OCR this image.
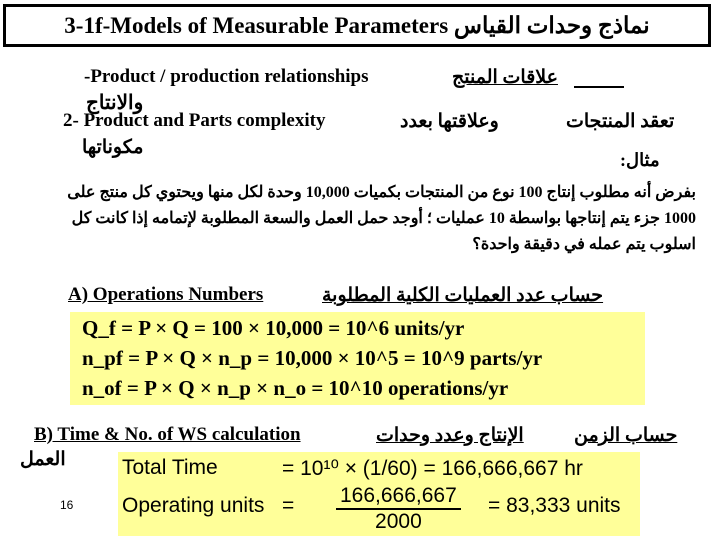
3-1f-Models of Measurable Parameters نماذج وحدات القياس
-Product / production relationships	علاقات المنتج
والانتاج
2- Product and Parts complexity	وعلاقتها بعدد	تعقد المنتجات
مكوناتها
مثال:
بفرض أنه مطلوب إنتاج 100 نوع من المنتجات بكميات 10,000 وحدة لكل منها ويحتوي كل منتج على
1000 جزء يتم إنتاجها بواسطة 10 عمليات ؛ أوجد حمل العمل والسعة المطلوبة لإتمامه إذا كانت كل
اسلوب يتم عمله في دقيقة واحدة؟
A) Operations Numbers	حساب عدد العمليات الكلية المطلوبة
Q_f = P × Q = 100 × 10,000 = 10^6 units/yr
n_pf = P × Q × n_p = 10,000 × 10^5 = 10^9 parts/yr
n_of = P × Q × n_p × n_o = 10^10 operations/yr
B) Time & No. of WS calculation	الإنتاج وعدد وحدات	حساب الزمن
العمل	Total Time	= 10¹⁰ × (1/60) = 166,666,667 hr
Operating units = $\frac{166,666,667}{2000} = 83,333$ units
16
